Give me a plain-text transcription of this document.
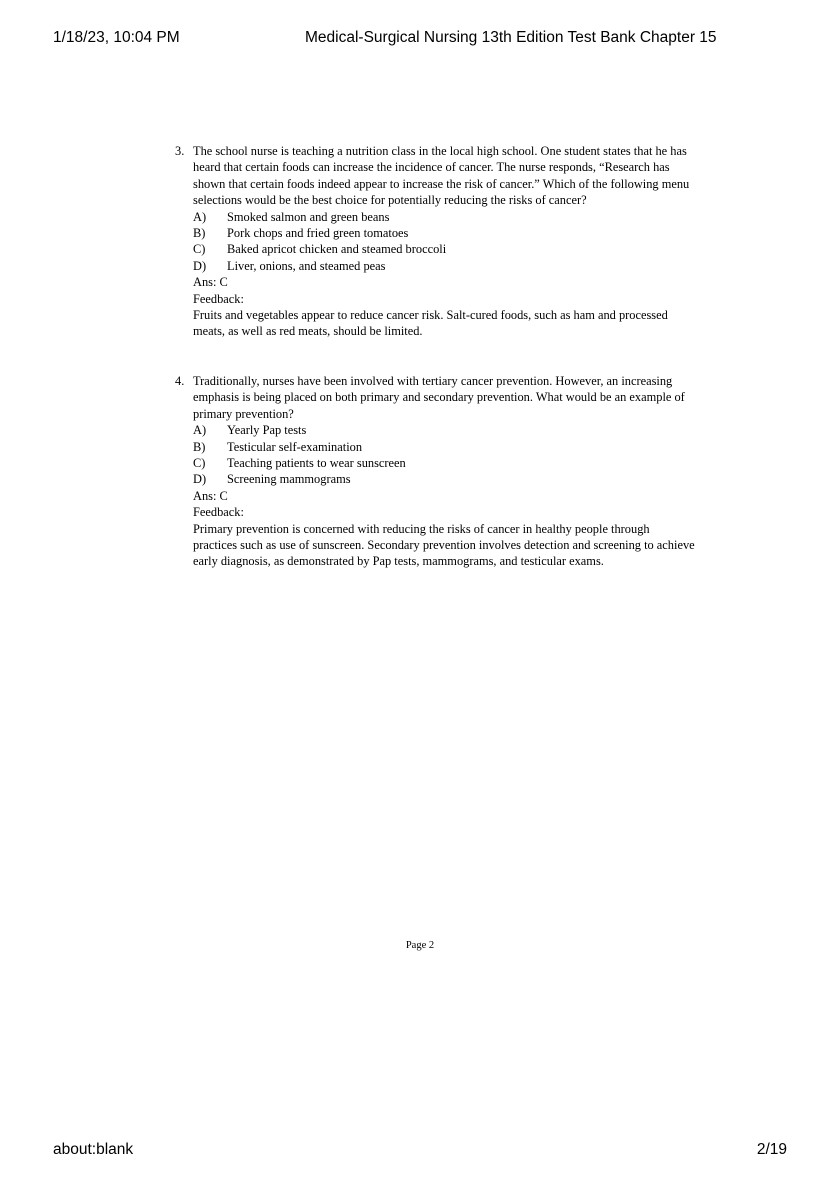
1/18/23, 10:04 PM	Medical-Surgical Nursing 13th Edition Test Bank Chapter 15
3. The school nurse is teaching a nutrition class in the local high school. One student states that he has heard that certain foods can increase the incidence of cancer. The nurse responds, “Research has shown that certain foods indeed appear to increase the risk of cancer.” Which of the following menu selections would be the best choice for potentially reducing the risks of cancer?

A)	Smoked salmon and green beans
B)	Pork chops and fried green tomatoes
C)	Baked apricot chicken and steamed broccoli
D)	Liver, onions, and steamed peas

Ans: C

Feedback:

Fruits and vegetables appear to reduce cancer risk. Salt-cured foods, such as ham and processed meats, as well as red meats, should be limited.

4. Traditionally, nurses have been involved with tertiary cancer prevention. However, an increasing emphasis is being placed on both primary and secondary prevention. What would be an example of primary prevention?

A)	Yearly Pap tests
B)	Testicular self-examination
C)	Teaching patients to wear sunscreen
D)	Screening mammograms

Ans: C

Feedback:

Primary prevention is concerned with reducing the risks of cancer in healthy people through practices such as use of sunscreen. Secondary prevention involves detection and screening to achieve early diagnosis, as demonstrated by Pap tests, mammograms, and testicular exams.

Page 2
about:blank	2/19
